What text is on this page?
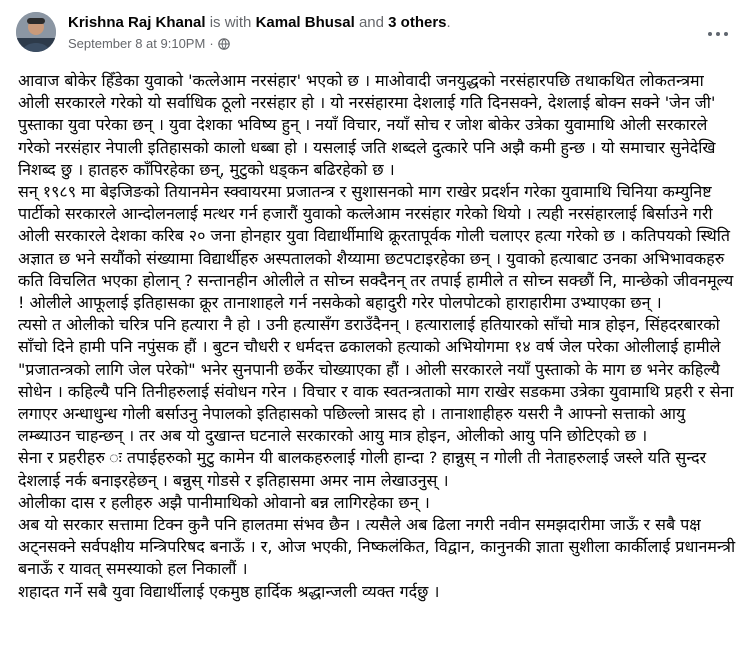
Krishna Raj Khanal is with Kamal Bhusal and 3 others.
September 8 at 9:10PM ·

आवाज बोकेर हिँडेका युवाको 'कत्लेआम नरसंहार' भएको छ । माओवादी जनयुद्धको नरसंहारपछि तथाकथित लोकतन्त्रमा ओली सरकारले गरेको यो सर्वाधिक ठूलो नरसंहार हो । यो नरसंहारमा देशलाई गति दिनसक्ने, देशलाई बोक्न सक्ने 'जेन जी' पुस्ताका युवा परेका छन् । युवा देशका भविष्य हुन् । नयाँ विचार, नयाँ सोच र जोश बोकेर उत्रेका युवामाथि ओली सरकारले गरेको नरसंहार नेपाली इतिहासको कालो धब्बा हो । यसलाई जति शब्दले दुत्कारे पनि अझै कमी हुन्छ । यो समाचार सुनेदेखि निशब्द छु । हातहरु काँपिरहेका छन्, मुटुको धड्कन बढिरहेको छ ।

सन् १९८९ मा बेइजिङको तियानमेन स्क्वायरमा प्रजातन्त्र र सुशासनको माग राखेर प्रदर्शन गरेका युवामाथि चिनिया कम्युनिष्ट पार्टीको सरकारले आन्दोलनलाई मत्थर गर्न हजारौं युवाको कत्लेआम नरसंहार गरेको थियो । त्यही नरसंहारलाई बिर्साउने गरी ओली सरकारले देशका करिब २० जना होनहार युवा विद्यार्थीमाथि क्रूरतापूर्वक गोली चलाएर हत्या गरेको छ । कतिपयको स्थिति अज्ञात छ भने सयौंको संख्यामा विद्यार्थीहरु अस्पतालको शैय्यामा छटपटाइरहेका छन् । युवाको हत्याबाट उनका अभिभावकहरु कति विचलित भएका होलान् ? सन्तानहीन ओलीले त सोच्न सक्दैनन् तर तपाई हामीले त सोच्न सक्छौं नि, मान्छेको जीवनमूल्य ! ओलीले आफूलाई इतिहासका क्रूर तानाशाहले गर्न नसकेको बहादुरी गरेर पोलपोटको हाराहारीमा उभ्याएका छन् ।

त्यसो त ओलीको चरित्र पनि हत्यारा नै हो । उनी हत्यासँग डराउँदैनन् । हत्यारालाई हतियारको साँचो मात्र होइन, सिंहदरबारको साँचो दिने हामी पनि नपुंसक हौं । बुटन चौधरी र धर्मदत्त ढकालको हत्याको अभियोगमा १४ वर्ष जेल परेका ओलीलाई हामीले "प्रजातन्त्रको लागि जेल परेको" भनेर सुनपानी छर्केर चोख्याएका हौं । ओली सरकारले नयाँ पुस्ताको के माग छ भनेर कहिल्यै सोधेन । कहिल्यै पनि तिनीहरुलाई संवोधन गरेन । विचार र वाक स्वतन्त्रताको माग राखेर सडकमा उत्रेका युवामाथि प्रहरी र सेना लगाएर अन्धाधुन्ध गोली बर्साउनु नेपालको इतिहासको पछिल्लो त्रासद हो । तानाशाहीहरु यसरी नै आफ्नो सत्ताको आयु लम्ब्याउन चाहन्छन् । तर अब यो दुखान्त घटनाले सरकारको आयु मात्र होइन, ओलीको आयु पनि छोटिएको छ ।

सेना र प्रहरीहरु ः तपाईहरुको मुटु कामेन यी बालकहरुलाई गोली हान्दा ? हान्नुस् न गोली ती नेताहरुलाई जस्ले यति सुन्दर देशलाई नर्क बनाइरहेछन् । बन्नुस् गोडसे र इतिहासमा अमर नाम लेखाउनुस् ।

ओलीका दास र हलीहरु अझै पानीमाथिको ओवानो बन्न लागिरहेका छन् ।

अब यो सरकार सत्तामा टिक्न कुनै पनि हालतमा संभव छैन । त्यसैले अब ढिला नगरी नवीन समझदारीमा जाऊँ र सबै पक्ष अट्नसक्ने सर्वपक्षीय मन्त्रिपरिषद बनाऊँ । र, ओज भएकी, निष्कलंकित, विद्वान, कानुनकी ज्ञाता सुशीला कार्कीलाई प्रधानमन्त्री बनाऊँ र यावत् समस्याको हल निकालौं ।

शहादत गर्ने सबै युवा विद्यार्थीलाई एकमुष्ठ हार्दिक श्रद्धान्जली व्यक्त गर्दछु ।
